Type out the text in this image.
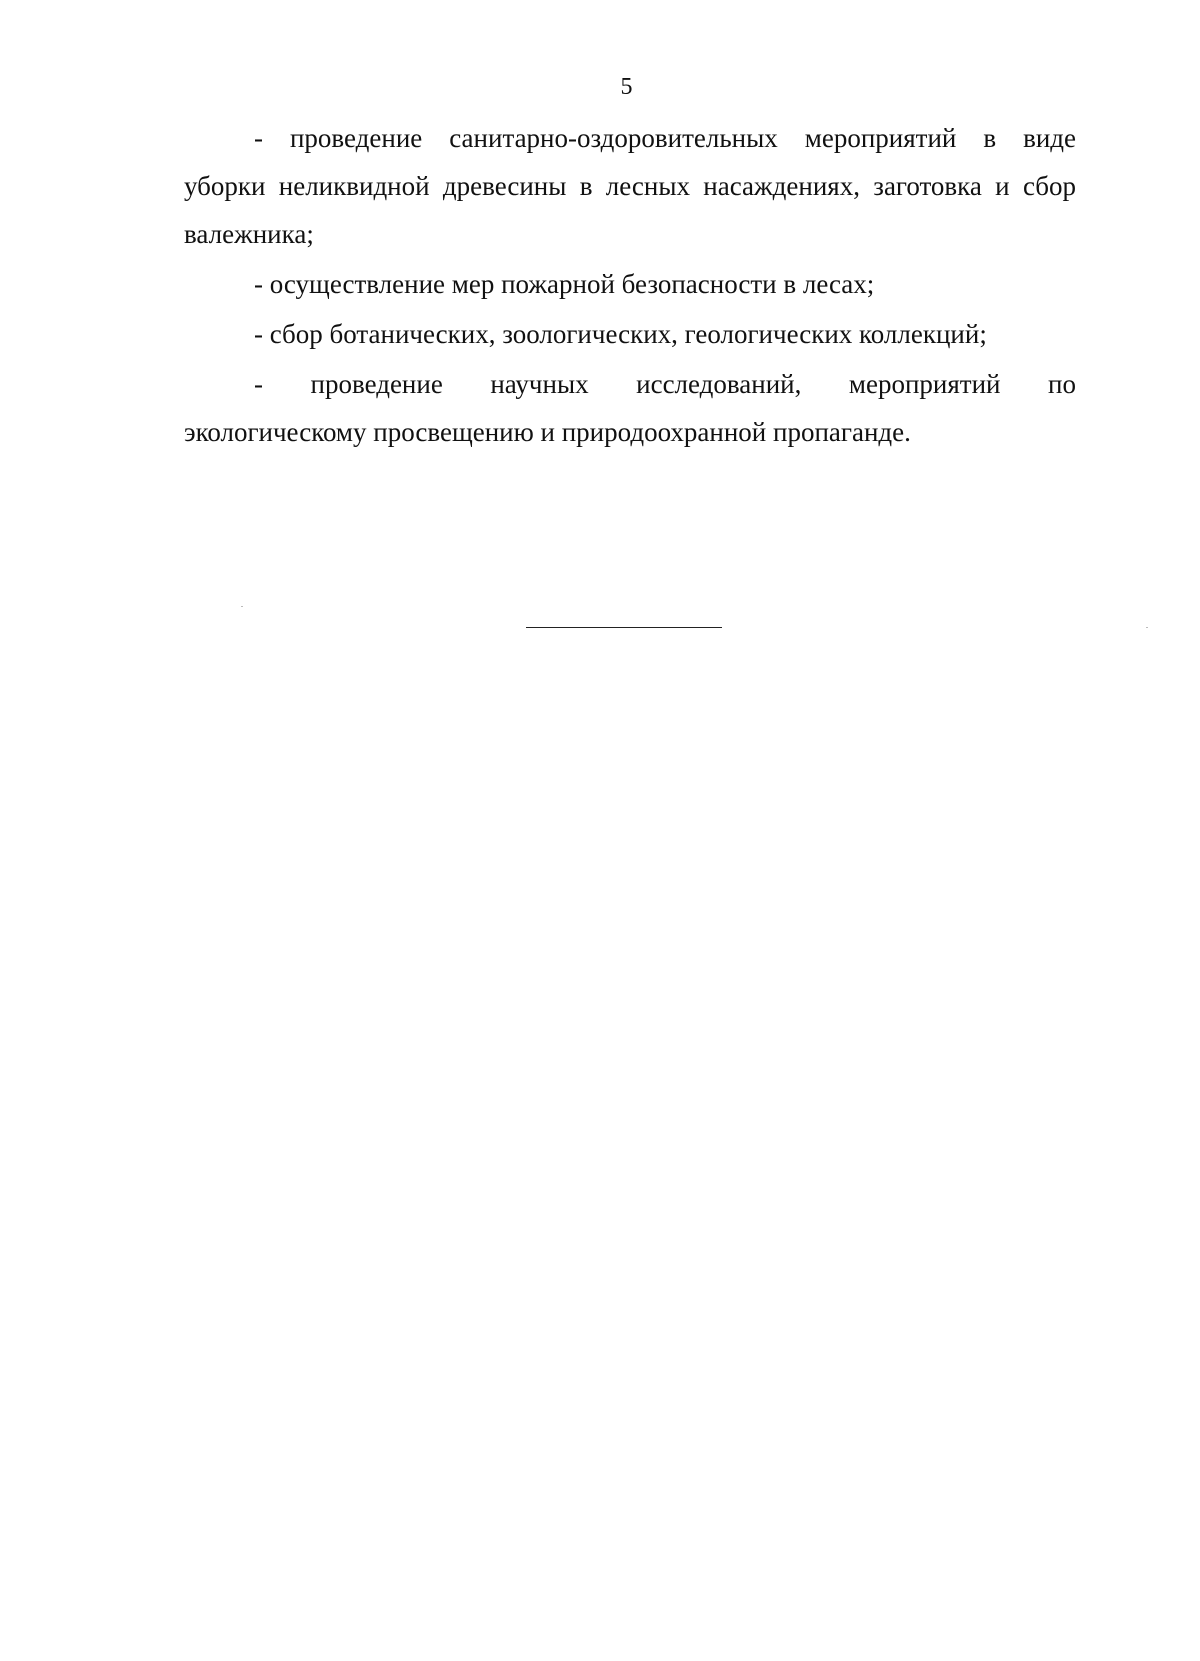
5

- проведение санитарно-оздоровительных мероприятий в виде
уборки неликвидной древесины в лесных насаждениях, заготовка и сбор валежника;

- осуществление мер пожарной безопасности в лесах;

- сбор ботанических, зоологических, геологических коллекций;

- проведение научных исследований, мероприятий по
экологическому просвещению и природоохранной пропаганде.
